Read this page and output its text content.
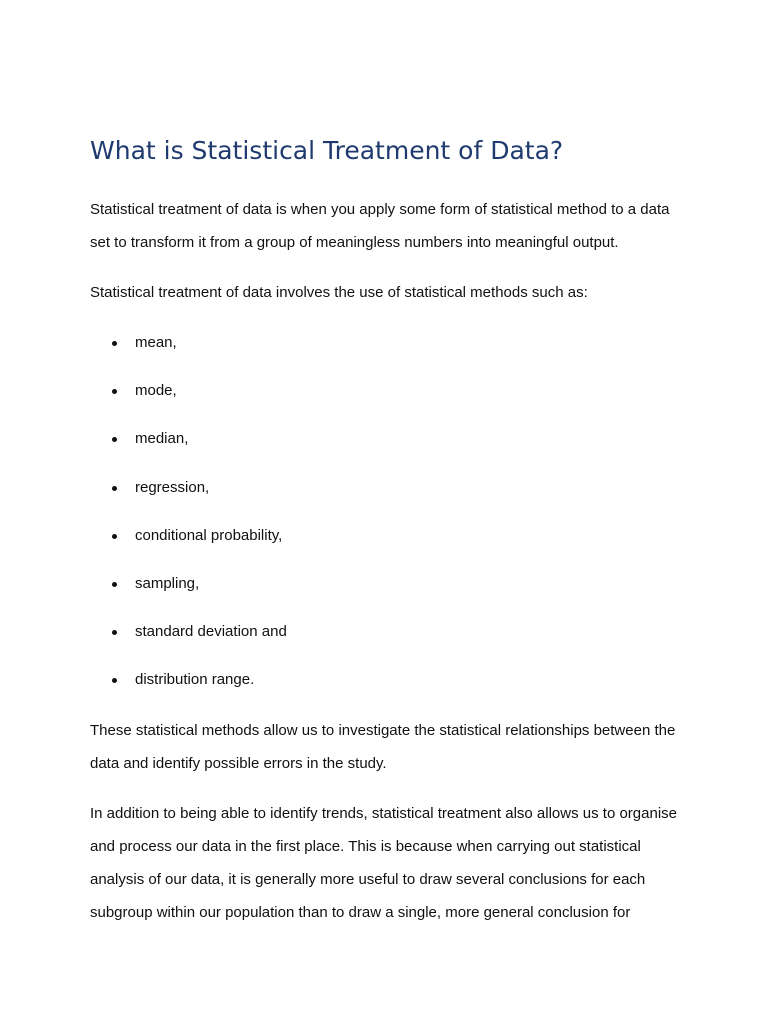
What is Statistical Treatment of Data?

Statistical treatment of data is when you apply some form of statistical method to a data set to transform it from a group of meaningless numbers into meaningful output.

Statistical treatment of data involves the use of statistical methods such as:

mean,
mode,
median,
regression,
conditional probability,
sampling,
standard deviation and
distribution range.

These statistical methods allow us to investigate the statistical relationships between the data and identify possible errors in the study.

In addition to being able to identify trends, statistical treatment also allows us to organise and process our data in the first place. This is because when carrying out statistical analysis of our data, it is generally more useful to draw several conclusions for each subgroup within our population than to draw a single, more general conclusion for
